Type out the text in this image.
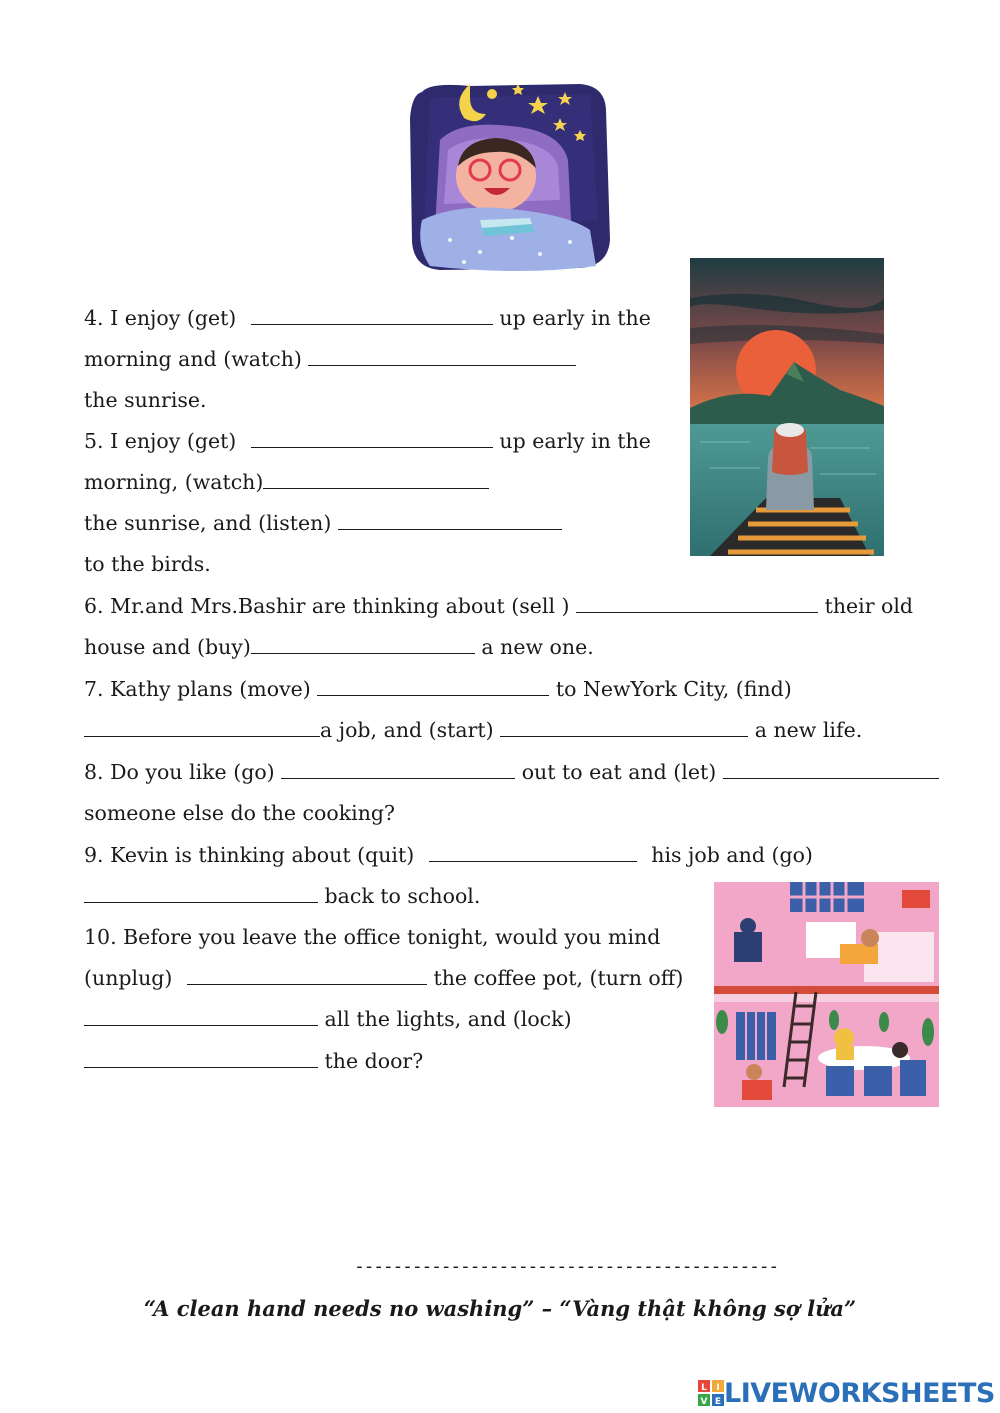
4. I enjoy (get)	up early in the
morning and (watch)
the sunrise.
5. I enjoy (get)	up early in the
morning, (watch)
the sunrise, and (listen)
to the birds.
6. Mr.and Mrs.Bashir are thinking about (sell )	their old
house and (buy)	a new one.
7. Kathy plans (move)	to NewYork City, (find)
a job, and (start)	a new life.
8. Do you like (go)	out to eat and (let)
someone else do the cooking?
9. Kevin is thinking about (quit)	his job and (go)
back to school.
10. Before you leave the office tonight, would you mind
(unplug)	the coffee pot, (turn off)
all the lights, and (lock)
the door?
--------------------------------------------
“A clean hand needs no washing” – “Vàng thật không sợ lửa”
L I
V E LIVEWORKSHEETS
